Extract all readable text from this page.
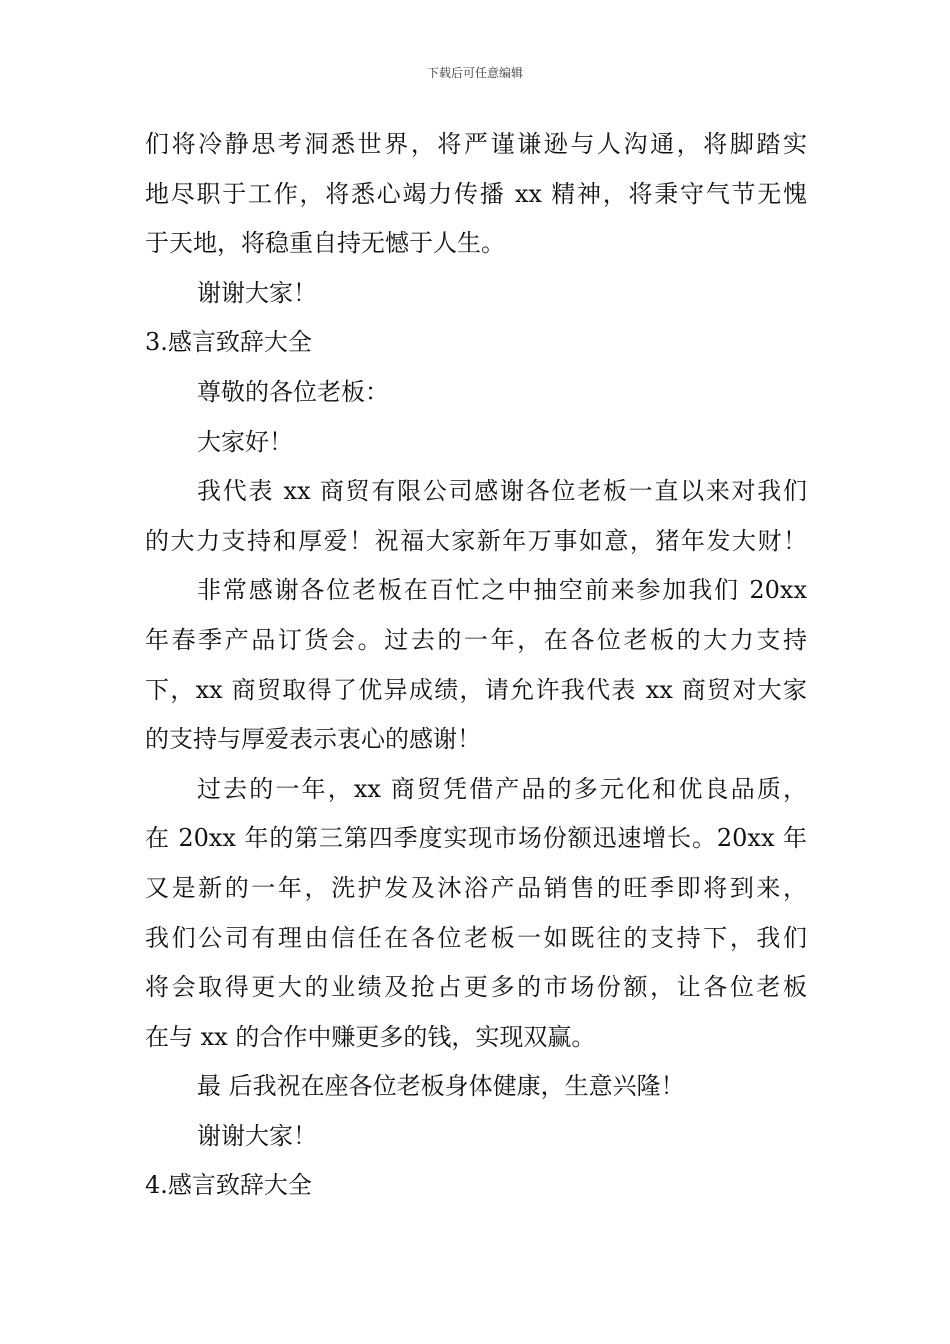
下载后可任意编辑
们将冷静思考洞悉世界，将严谨谦逊与人沟通，将脚踏实
地尽职于工作，将悉心竭力传播 xx 精神，将秉守气节无愧
于天地，将稳重自持无憾于人生。
谢谢大家！
3.感言致辞大全
尊敬的各位老板：
大家好！
我代表 xx 商贸有限公司感谢各位老板一直以来对我们
的大力支持和厚爱！祝福大家新年万事如意，猪年发大财！
非常感谢各位老板在百忙之中抽空前来参加我们 20xx
年春季产品订货会。过去的一年，在各位老板的大力支持
下，xx 商贸取得了优异成绩，请允许我代表 xx 商贸对大家
的支持与厚爱表示衷心的感谢！
过去的一年，xx 商贸凭借产品的多元化和优良品质，
在 20xx 年的第三第四季度实现市场份额迅速增长。20xx 年
又是新的一年，洗护发及沐浴产品销售的旺季即将到来，
我们公司有理由信任在各位老板一如既往的支持下，我们
将会取得更大的业绩及抢占更多的市场份额，让各位老板
在与 xx 的合作中赚更多的钱，实现双赢。
最 后我祝在座各位老板身体健康，生意兴隆！
谢谢大家！
4.感言致辞大全
